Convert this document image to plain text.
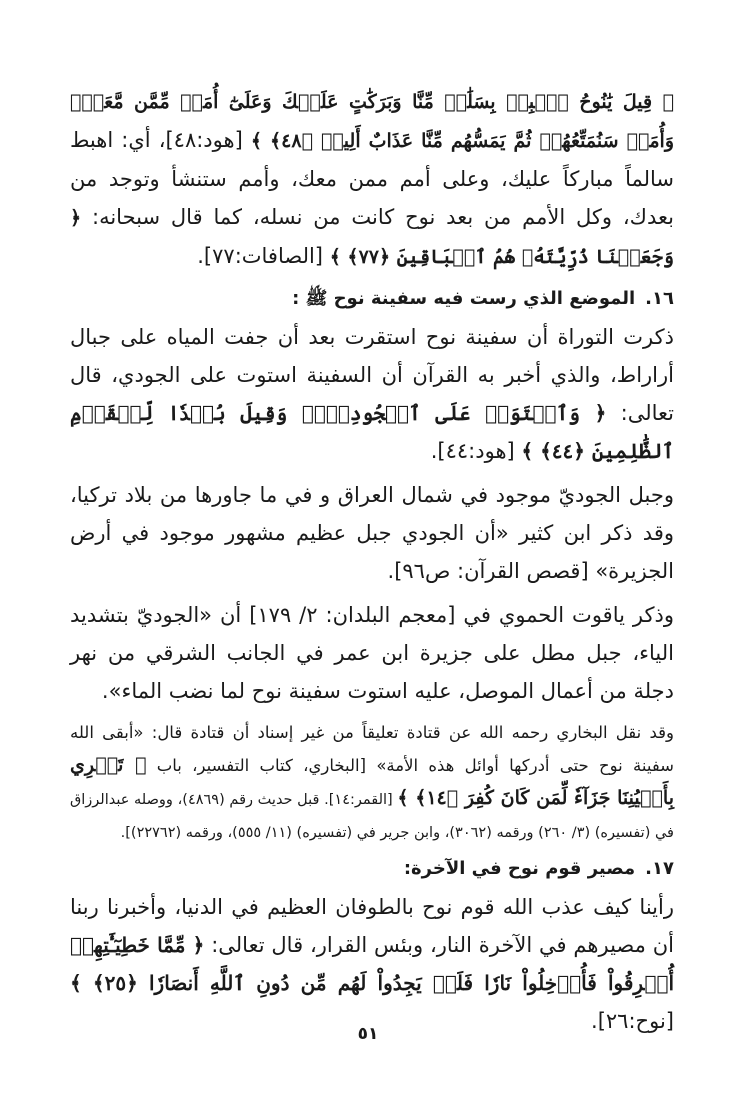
﴿ قِيلَ يَٰنُوحُ ٱهۡبِطۡ بِسَلَٰمٖ مِّنَّا وَبَرَكَٰتٍ عَلَيۡكَ وَعَلَىٰٓ أُمَمٖ مِّمَّن مَّعَكَۚ وَأُمَمٞ سَنُمَتِّعُهُمۡ ثُمَّ يَمَسُّهُم مِّنَّا عَذَابٌ أَلِيمٞ ﴿٤٨﴾ ﴾ [هود:٤٨]، أي: اهبط سالماً مباركاً عليك، وعلى أمم ممن معك، وأمم ستنشأ وتوجد من بعدك، وكل الأمم من بعد نوح كانت من نسله، كما قال سبحانه: ﴿ وَجَعَلۡنَا ذُرِّيَّتَهُۥ هُمُ ٱلۡبَاقِينَ ﴿٧٧﴾ ﴾ [الصافات:٧٧].

١٦.الموضع الذي رست فيه سفينة نوح ﷺ :

ذكرت التوراة أن سفينة نوح استقرت بعد أن جفت المياه على جبال أراراط، والذي أخبر به القرآن أن السفينة استوت على الجودي، قال تعالى: ﴿ وَٱسۡتَوَتۡ عَلَى ٱلۡجُودِيِّۖ وَقِيلَ بُعۡدٗا لِّلۡقَوۡمِ ٱلظَّٰلِمِينَ ﴿٤٤﴾ ﴾ [هود:٤٤].

وجبل الجوديّ موجود في شمال العراق و في ما جاورها من بلاد تركيا، وقد ذكر ابن كثير «أن الجودي جبل عظيم مشهور موجود في أرض الجزيرة» [قصص القرآن: ص٩٦].

وذكر ياقوت الحموي في [معجم البلدان: ٢/ ١٧٩] أن «الجوديّ بتشديد الياء، جبل مطل على جزيرة ابن عمر في الجانب الشرقي من نهر دجلة من أعمال الموصل، عليه استوت سفينة نوح لما نضب الماء».

وقد نقل البخاري رحمه الله عن قتادة تعليقاً من غير إسناد أن قتادة قال: «أبقى الله سفينة نوح حتى أدركها أوائل هذه الأمة» [البخاري، كتاب التفسير، باب ﴿ تَجۡرِي بِأَعۡيُنِنَا جَزَآءٗ لِّمَن كَانَ كُفِرَ ﴿١٤﴾ ﴾ [القمر:١٤]. قبل حديث رقم (٤٨٦٩)، ووصله عبدالرزاق في (تفسيره) (٣/ ٢٦٠) ورقمه (٣٠٦٢)، وابن جرير في (تفسيره) (١١/ ٥٥٥)، ورقمه (٢٢٧٦٢)].

١٧.مصير قوم نوح في الآخرة:

رأينا كيف عذب الله قوم نوح بالطوفان العظيم في الدنيا، وأخبرنا ربنا أن مصيرهم في الآخرة النار، وبئس القرار، قال تعالى: ﴿ مِّمَّا خَطِيٓـَٰٔتِهِمۡ أُغۡرِقُواْ فَأُدۡخِلُواْ نَارٗا فَلَمۡ يَجِدُواْ لَهُم مِّن دُونِ ٱللَّهِ أَنصَارٗا ﴿٢٥﴾ ﴾ [نوح:٢٦].

٥١
